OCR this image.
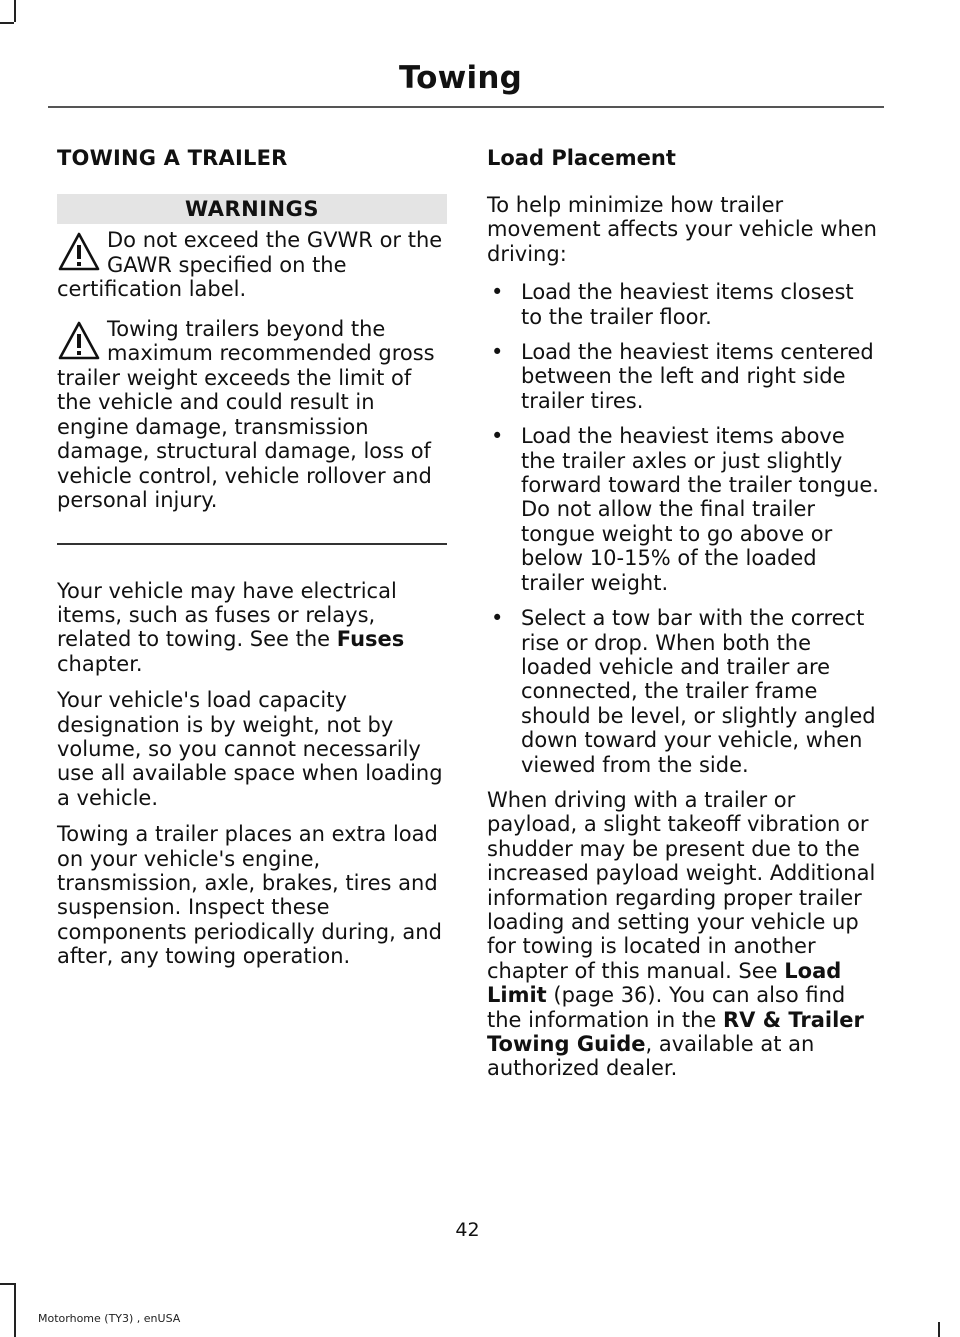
Towing
TOWING A TRAILER
WARNINGS
Do not exceed the GVWR or the GAWR specified on the certification label.
Towing trailers beyond the maximum recommended gross trailer weight exceeds the limit of the vehicle and could result in engine damage, transmission damage, structural damage, loss of vehicle control, vehicle rollover and personal injury.

Your vehicle may have electrical items, such as fuses or relays, related to towing. See the Fuses chapter.

Your vehicle's load capacity designation is by weight, not by volume, so you cannot necessarily use all available space when loading a vehicle.

Towing a trailer places an extra load on your vehicle's engine, transmission, axle, brakes, tires and suspension. Inspect these components periodically during, and after, any towing operation.

Load Placement

To help minimize how trailer movement affects your vehicle when driving:

• Load the heaviest items closest to the trailer floor.
• Load the heaviest items centered between the left and right side trailer tires.
• Load the heaviest items above the trailer axles or just slightly forward toward the trailer tongue. Do not allow the final trailer tongue weight to go above or below 10-15% of the loaded trailer weight.
• Select a tow bar with the correct rise or drop. When both the loaded vehicle and trailer are connected, the trailer frame should be level, or slightly angled down toward your vehicle, when viewed from the side.

When driving with a trailer or payload, a slight takeoff vibration or shudder may be present due to the increased payload weight. Additional information regarding proper trailer loading and setting your vehicle up for towing is located in another chapter of this manual. See Load Limit (page 36). You can also find the information in the RV & Trailer Towing Guide, available at an authorized dealer.

42
Motorhome (TY3) , enUSA
